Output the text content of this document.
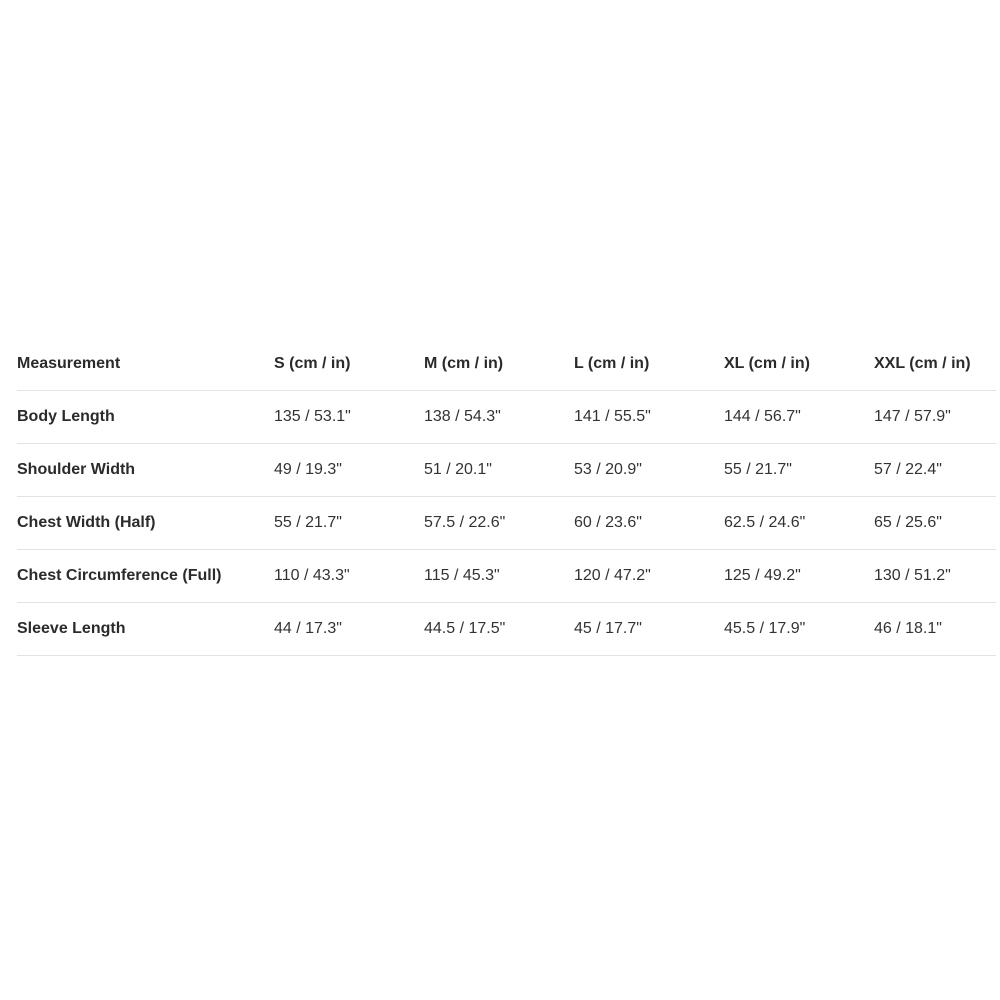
Measurement	S (cm / in)	M (cm / in)	L (cm / in)	XL (cm / in)	XXL (cm / in)
Body Length	135 / 53.1"	138 / 54.3"	141 / 55.5"	144 / 56.7"	147 / 57.9"
Shoulder Width	49 / 19.3"	51 / 20.1"	53 / 20.9"	55 / 21.7"	57 / 22.4"
Chest Width (Half)	55 / 21.7"	57.5 / 22.6"	60 / 23.6"	62.5 / 24.6"	65 / 25.6"
Chest Circumference (Full)	110 / 43.3"	115 / 45.3"	120 / 47.2"	125 / 49.2"	130 / 51.2"
Sleeve Length	44 / 17.3"	44.5 / 17.5"	45 / 17.7"	45.5 / 17.9"	46 / 18.1"
